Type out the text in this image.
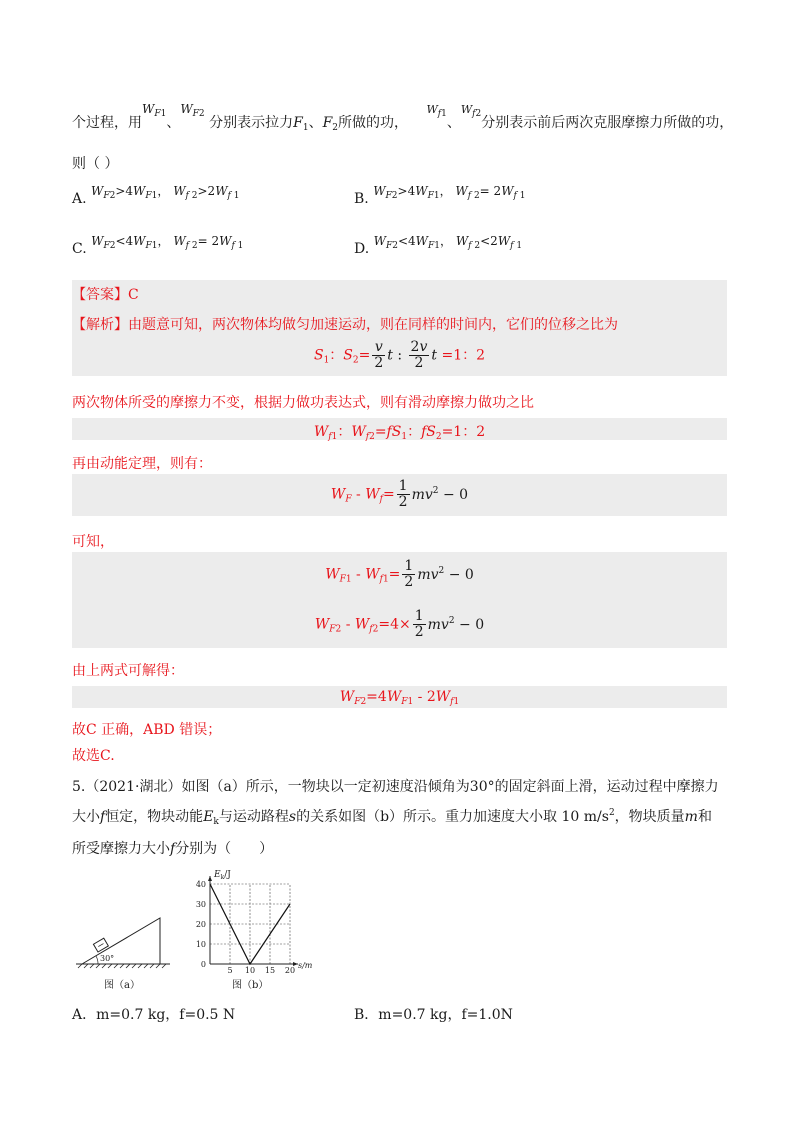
个过程，用$W_{F1}$、$W_{F2}$ 分别表示拉力$F_1$、$F_2$所做的功， $W_{f1}$、$W_{f2}$分别表示前后两次克服摩擦力所做的功，
则（ ）
A. $W_{F2}>4W_{F1}$， $W_{f 2}>2W_{f 1}$	B. $W_{F2}>4W_{F1}$， $W_{f 2}= 2W_{f 1}$
C. $W_{F2}<4W_{F1}$， $W_{f 2}= 2W_{f 1}$	D. $W_{F2}<4W_{F1}$， $W_{f 2}<2W_{f 1}$
【答案】C
【解析】由题意可知，两次物体均做匀加速运动，则在同样的时间内，它们的位移之比为
$S_1$：$S_2= \frac{v}{2}$ t : $\frac{2v}{2}$ t =1：2
两次物体所受的摩擦力不变，根据力做功表达式，则有滑动摩擦力做功之比
$W_{f1}$：$W_{f2}=fS_1$：$fS_2=1$：2
再由动能定理，则有：
$W_F - W_f= \frac{1}{2} mv^2 - 0$
可知，
$W_{F1} - W_{f1}= \frac{1}{2} mv^2 - 0$
$W_{F2} - W_{f2}=4\times \frac{1}{2} mv^2 - 0$
由上两式可解得：
$W_{F2}=4W_{F1} - 2W_{f1}$
故C 正确，ABD 错误；
故选C.
5.（2021·湖北）如图（a）所示，一物块以一定初速度沿倾角为30°的固定斜面上滑，运动过程中摩擦力
大小f恒定，物块动能$E_k$与运动路程s的关系如图（b）所示。重力加速度大小取 10 $m/s^2$，物块质量m和
所受摩擦力大小f分别为（　　）
30°
图（a）
5 10 15 20
0
10
20
30
40
$E_k/J$
s/m
图（b）
A．m=0.7 kg，f=0.5 N	B．m=0.7 kg，f=1.0N
